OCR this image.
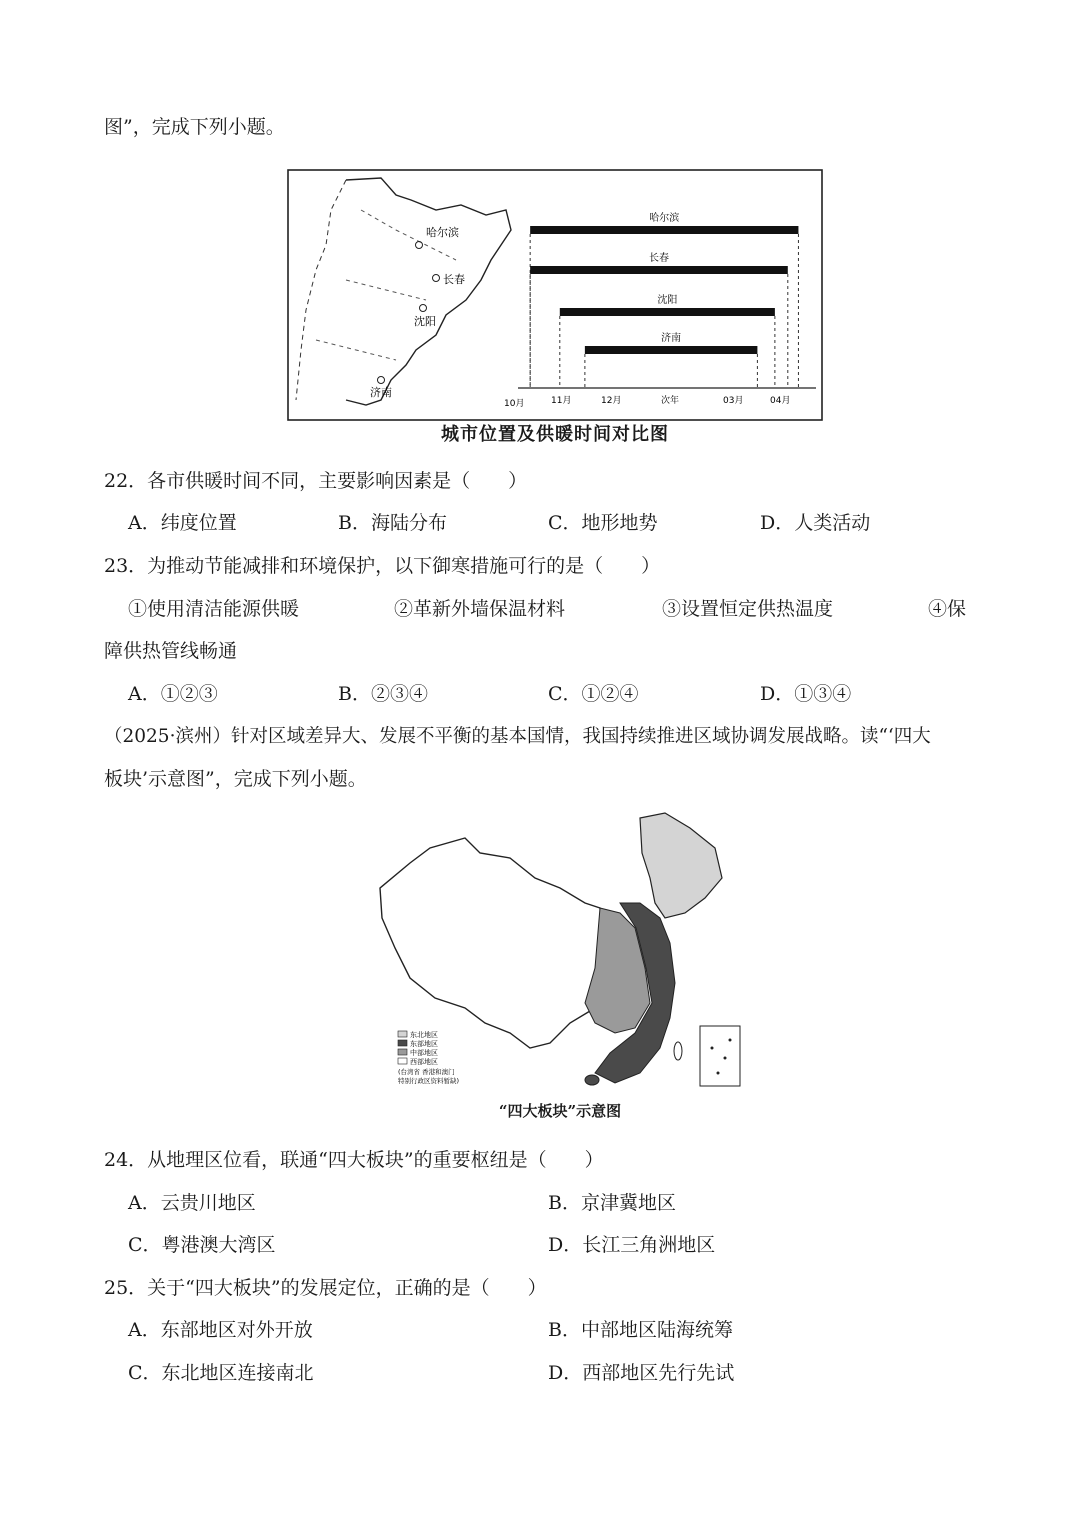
图”，完成下列小题。
哈尔滨
长春
沈阳
济南
哈尔滨
长春
沈阳
济南
10月	11月	12月	次年	03月	04月
城市位置及供暖时间对比图
22．各市供暖时间不同，主要影响因素是（　　）
A．纬度位置	B．海陆分布	C．地形地势	D．人类活动
23．为推动节能减排和环境保护，以下御寒措施可行的是（　　）
①使用清洁能源供暖	②革新外墙保温材料	③设置恒定供热温度	④保
障供热管线畅通
A．①②③	B．②③④	C．①②④	D．①③④
（2025·滨州）针对区域差异大、发展不平衡的基本国情，我国持续推进区域协调发展战略。读“‘四大
板块’示意图”，完成下列小题。
东北地区
东部地区
中部地区
西部地区
(台湾省 香港和澳门
特别行政区资料暂缺)
“四大板块”示意图
24．从地理区位看，联通“四大板块”的重要枢纽是（　　）
A．云贵川地区	B．京津冀地区
C．粤港澳大湾区	D．长江三角洲地区
25．关于“四大板块”的发展定位，正确的是（　　）
A．东部地区对外开放	B．中部地区陆海统筹
C．东北地区连接南北	D．西部地区先行先试
